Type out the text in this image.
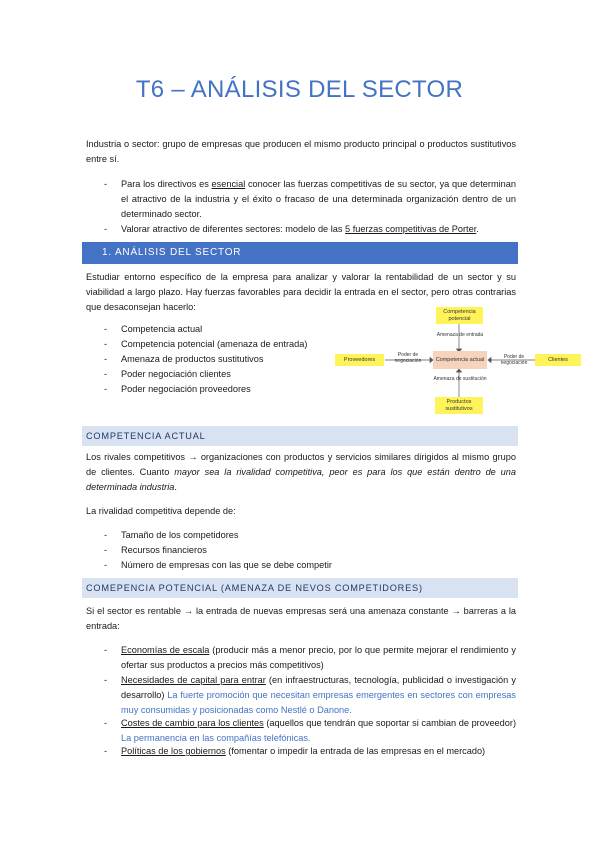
T6 – ANÁLISIS DEL SECTOR
Industria o sector: grupo de empresas que producen el mismo producto principal o productos sustitutivos entre sí.
- Para los directivos es esencial conocer las fuerzas competitivas de su sector, ya que determinan el atractivo de la industria y el éxito o fracaso de una determinada organización dentro de un determinado sector.
- Valorar atractivo de diferentes sectores: modelo de las 5 fuerzas competitivas de Porter.
1. ANÁLISIS DEL SECTOR
Estudiar entorno específico de la empresa para analizar y valorar la rentabilidad de un sector y su viabilidad a largo plazo. Hay fuerzas favorables para decidir la entrada en el sector, pero otras contrarias que desaconsejan hacerlo:
- Competencia actual
- Competencia potencial (amenaza de entrada)
- Amenaza de productos sustitutivos
- Poder negociación clientes
- Poder negociación proveedores
Competencia potencial
Amenaza de entrada
Competencia actual
Amenaza de sustitución
Productos sustitutivos
Proveedores
Poder de negociación
Poder de negociación
Clientes
COMPETENCIA ACTUAL
Los rivales competitivos → organizaciones con productos y servicios similares dirigidos al mismo grupo de clientes. Cuanto mayor sea la rivalidad competitiva, peor es para los que están dentro de una determinada industria.
La rivalidad competitiva depende de:
- Tamaño de los competidores
- Recursos financieros
- Número de empresas con las que se debe competir
COMEPENCIA POTENCIAL (AMENAZA DE NEVOS COMPETIDORES)
Si el sector es rentable → la entrada de nuevas empresas será una amenaza constante → barreras a la entrada:
- Economías de escala (producir más a menor precio, por lo que permite mejorar el rendimiento y ofertar sus productos a precios más competitivos)
- Necesidades de capital para entrar (en infraestructuras, tecnología, publicidad o investigación y desarrollo) La fuerte promoción que necesitan empresas emergentes en sectores con empresas muy consumidas y posicionadas como Nestlé o Danone.
- Costes de cambio para los clientes (aquellos que tendrán que soportar si cambian de proveedor) La permanencia en las compañías telefónicas.
- Políticas de los gobiernos (fomentar o impedir la entrada de las empresas en el mercado)
